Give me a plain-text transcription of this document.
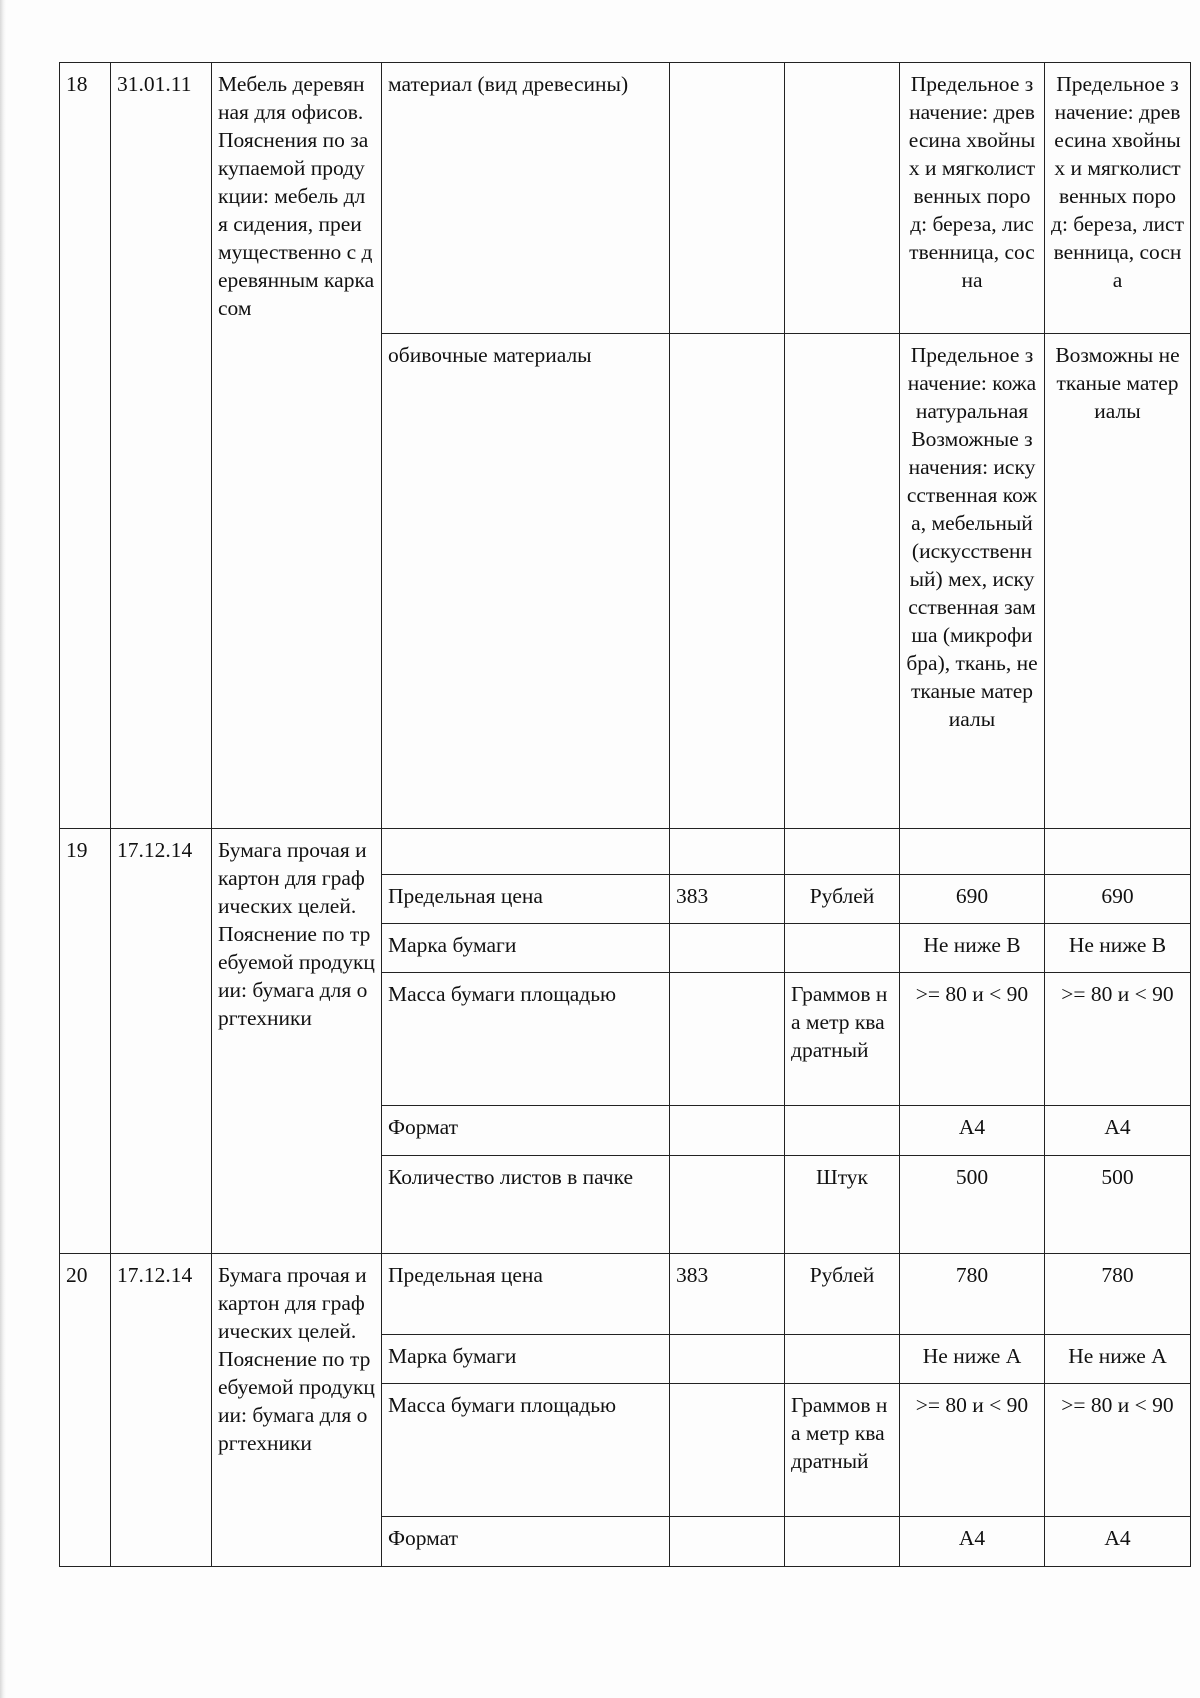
18	31.01.11	Мебель деревянная для офисов. Пояснения по закупаемой продукции: мебель для сидения, преимущественно с деревянным каркасом	материал (вид древесины)			Предельное значение: древесина хвойных и мягколиственных пород: береза, лиственница, сосна	Предельное значение: древесина хвойных и мягколиственных пород: береза, лиственница, сосна
			обивочные материалы			Предельное значение: кожа натуральная Возможные значения: искусственная кожа, мебельный (искусственный) мех, искусственная замша (микрофибра), ткань, нетканые материалы	Возможны нетканые материалы
19	17.12.14	Бумага прочая и картон для графических целей. Пояснение по требуемой продукции: бумага для оргтехники					
			Предельная цена	383	Рублей	690	690
			Марка бумаги			Не ниже В	Не ниже В
			Масса бумаги площадью		Граммов на метр квадратный	>= 80 и < 90	>= 80 и < 90
			Формат			А4	А4
			Количество листов в пачке		Штук	500	500
20	17.12.14	Бумага прочая и картон для графических целей. Пояснение по требуемой продукции: бумага для оргтехники	Предельная цена	383	Рублей	780	780
			Марка бумаги			Не ниже А	Не ниже А
			Масса бумаги площадью		Граммов на метр квадратный	>= 80 и < 90	>= 80 и < 90
			Формат			А4	А4
